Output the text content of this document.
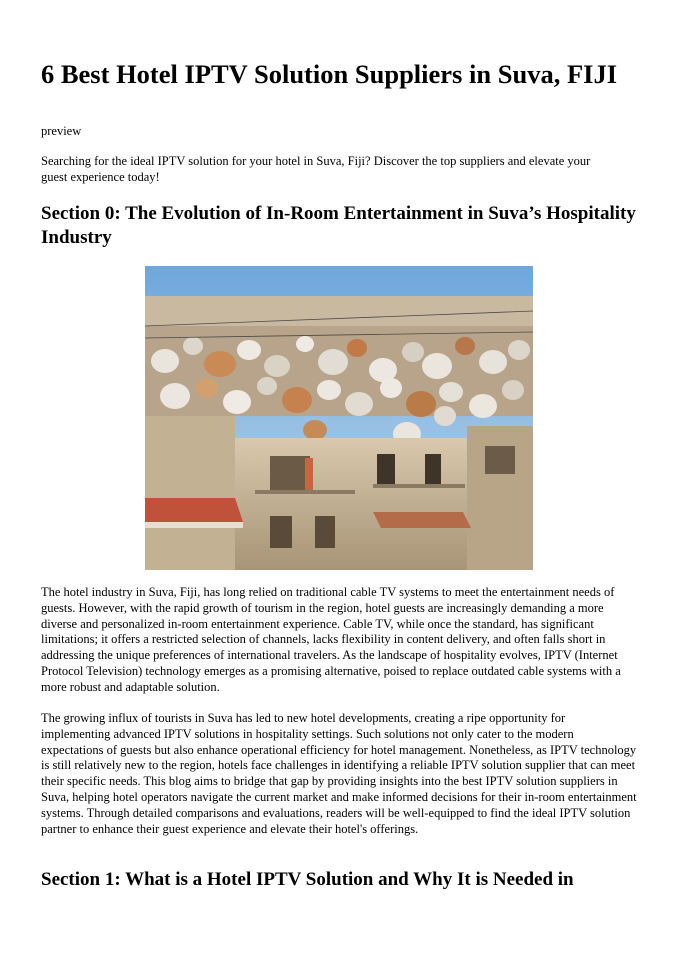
6 Best Hotel IPTV Solution Suppliers in Suva, FIJI
preview

Searching for the ideal IPTV solution for your hotel in Suva, Fiji? Discover the top suppliers and elevate your guest experience today!

Section 0: The Evolution of In-Room Entertainment in Suva’s Hospitality Industry

The hotel industry in Suva, Fiji, has long relied on traditional cable TV systems to meet the entertainment needs of guests. However, with the rapid growth of tourism in the region, hotel guests are increasingly demanding a more diverse and personalized in-room entertainment experience. Cable TV, while once the standard, has significant limitations; it offers a restricted selection of channels, lacks flexibility in content delivery, and often falls short in addressing the unique preferences of international travelers. As the landscape of hospitality evolves, IPTV (Internet Protocol Television) technology emerges as a promising alternative, poised to replace outdated cable systems with a more robust and adaptable solution.

The growing influx of tourists in Suva has led to new hotel developments, creating a ripe opportunity for implementing advanced IPTV solutions in hospitality settings. Such solutions not only cater to the modern expectations of guests but also enhance operational efficiency for hotel management. Nonetheless, as IPTV technology is still relatively new to the region, hotels face challenges in identifying a reliable IPTV solution supplier that can meet their specific needs. This blog aims to bridge that gap by providing insights into the best IPTV solution suppliers in Suva, helping hotel operators navigate the current market and make informed decisions for their in-room entertainment systems. Through detailed comparisons and evaluations, readers will be well-equipped to find the ideal IPTV solution partner to enhance their guest experience and elevate their hotel's offerings.

Section 1: What is a Hotel IPTV Solution and Why It is Needed in
